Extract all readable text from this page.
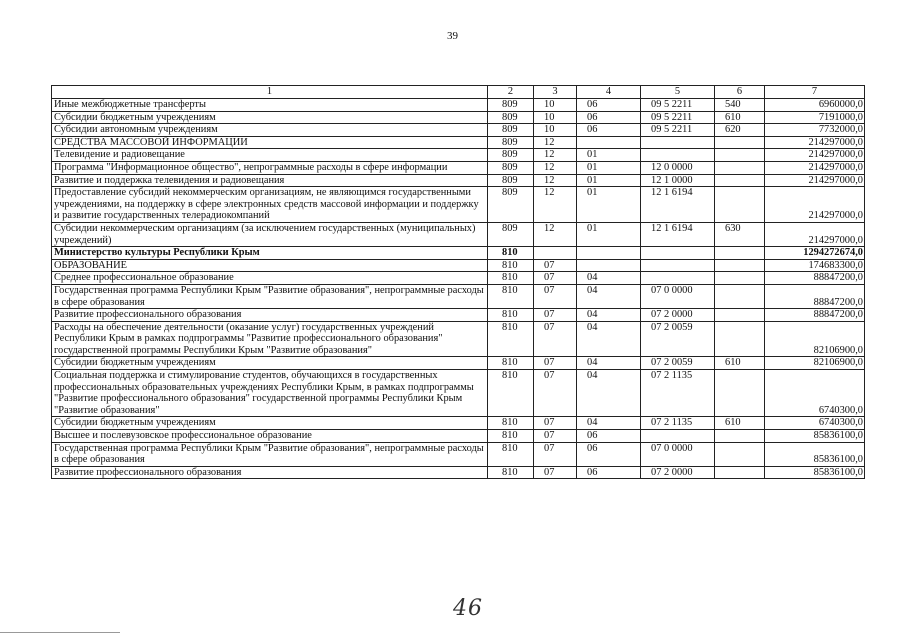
39
1	2	3	4	5	6	7
Иные межбюджетные трансферты	809	10	06	09 5 2211	540	6960000,0
Субсидии бюджетным учреждениям	809	10	06	09 5 2211	610	7191000,0
Субсидии автономным учреждениям	809	10	06	09 5 2211	620	7732000,0
СРЕДСТВА МАССОВОЙ ИНФОРМАЦИИ	809	12				214297000,0
Телевидение и радиовещание	809	12	01			214297000,0
Программа "Информационное общество", непрограммные расходы в сфере информации	809	12	01	12 0 0000		214297000,0
Развитие и поддержка телевидения и радиовещания	809	12	01	12 1 0000		214297000,0
Предоставление субсидий некоммерческим организациям, не являющимся государственными учреждениями, на поддержку в сфере электронных средств массовой информации и поддержку и развитие государственных телерадиокомпаний	809	12	01	12 1 6194		214297000,0
Субсидии некоммерческим организациям (за исключением государственных (муниципальных) учреждений)	809	12	01	12 1 6194	630	214297000,0
Министерство культуры Республики Крым	810					1294272674,0
ОБРАЗОВАНИЕ	810	07				174683300,0
Среднее профессиональное образование	810	07	04			88847200,0
Государственная программа Республики Крым "Развитие образования", непрограммные расходы в сфере образования	810	07	04	07 0 0000		88847200,0
Развитие профессионального образования	810	07	04	07 2 0000		88847200,0
Расходы на обеспечение деятельности (оказание услуг) государственных учреждений Республики Крым в рамках подпрограммы "Развитие профессионального образования" государственной программы Республики Крым "Развитие образования"	810	07	04	07 2 0059		82106900,0
Субсидии бюджетным учреждениям	810	07	04	07 2 0059	610	82106900,0
Социальная поддержка и стимулирование студентов, обучающихся в государственных профессиональных образовательных учреждениях Республики Крым, в рамках подпрограммы "Развитие профессионального образования" государственной программы Республики Крым "Развитие образования"	810	07	04	07 2 1135		6740300,0
Субсидии бюджетным учреждениям	810	07	04	07 2 1135	610	6740300,0
Высшее и послевузовское профессиональное образование	810	07	06			85836100,0
Государственная программа Республики Крым "Развитие образования", непрограммные расходы в сфере образования	810	07	06	07 0 0000		85836100,0
Развитие профессионального образования	810	07	06	07 2 0000		85836100,0
46
